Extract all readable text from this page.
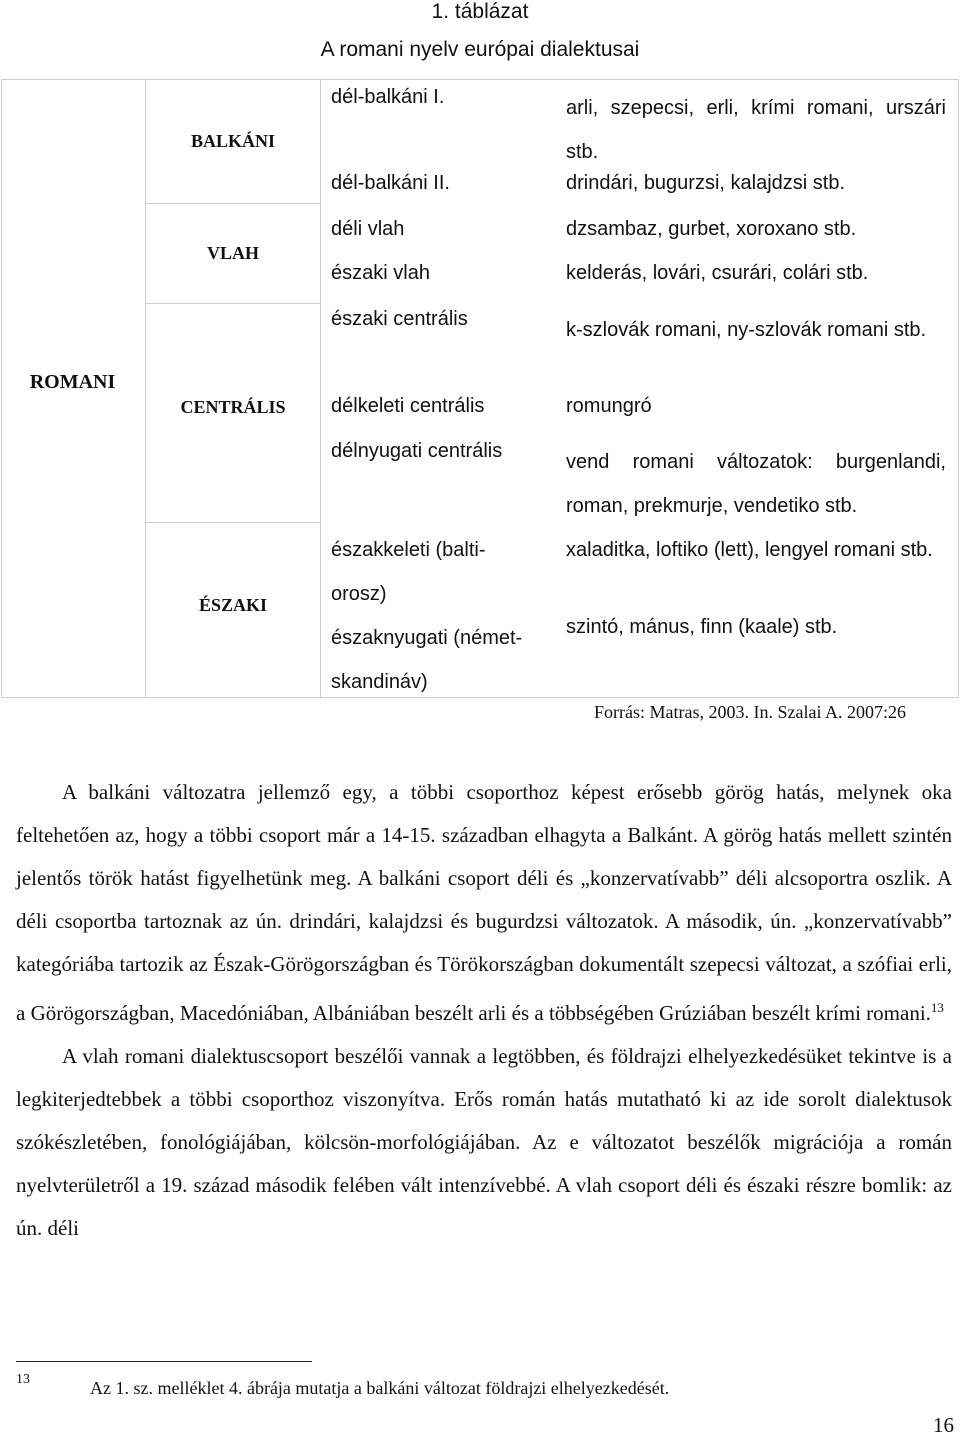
1. táblázat
A romani nyelv európai dialektusai
ROMANI
BALKÁNI
VLAH
CENTRÁLIS
ÉSZAKI
dél-balkáni I.
dél-balkáni II.
déli vlah
északi vlah
északi centrális
délkeleti centrális
délnyugati centrális
északkeleti (balti-orosz)
északnyugati (német-skandináv)
arli, szepecsi, erli, krími romani, urszári stb.
drindári, bugurzsi, kalajdzsi stb.
dzsambaz, gurbet, xoroxano stb.
kelderás, lovári, csurári, colári stb.
k-szlovák romani, ny-szlovák romani stb.
romungró
vend romani változatok: burgenlandi, roman, prekmurje, vendetiko stb.
xaladitka, loftiko (lett), lengyel romani stb.
szintó, mánus, finn (kaale) stb.
Forrás: Matras, 2003. In. Szalai A. 2007:26

A balkáni változatra jellemző egy, a többi csoporthoz képest erősebb görög hatás, melynek oka feltehetően az, hogy a többi csoport már a 14-15. században elhagyta a Balkánt. A görög hatás mellett szintén jelentős török hatást figyelhetünk meg. A balkáni csoport déli és „konzervatívabb” déli alcsoportra oszlik. A déli csoportba tartoznak az ún. drindári, kalajdzsi és bugurdzsi változatok. A második, ún. „konzervatívabb” kategóriába tartozik az Észak-Görögországban és Törökországban dokumentált szepecsi változat, a szófiai erli, a Görögországban, Macedóniában, Albániában beszélt arli és a többségében Grúziában beszélt krími romani.$^{13}$

A vlah romani dialektuscsoport beszélői vannak a legtöbben, és földrajzi elhelyezkedésüket tekintve is a legkiterjedtebbek a többi csoporthoz viszonyítva. Erős román hatás mutatható ki az ide sorolt dialektusok szókészletében, fonológiájában, kölcsön-morfológiájában. Az e változatot beszélők migrációja a román nyelvterületről a 19. század második felében vált intenzívebbé. A vlah csoport déli és északi részre bomlik: az ún. déli

13	Az 1. sz. melléklet 4. ábrája mutatja a balkáni változat földrajzi elhelyezkedését.
16
